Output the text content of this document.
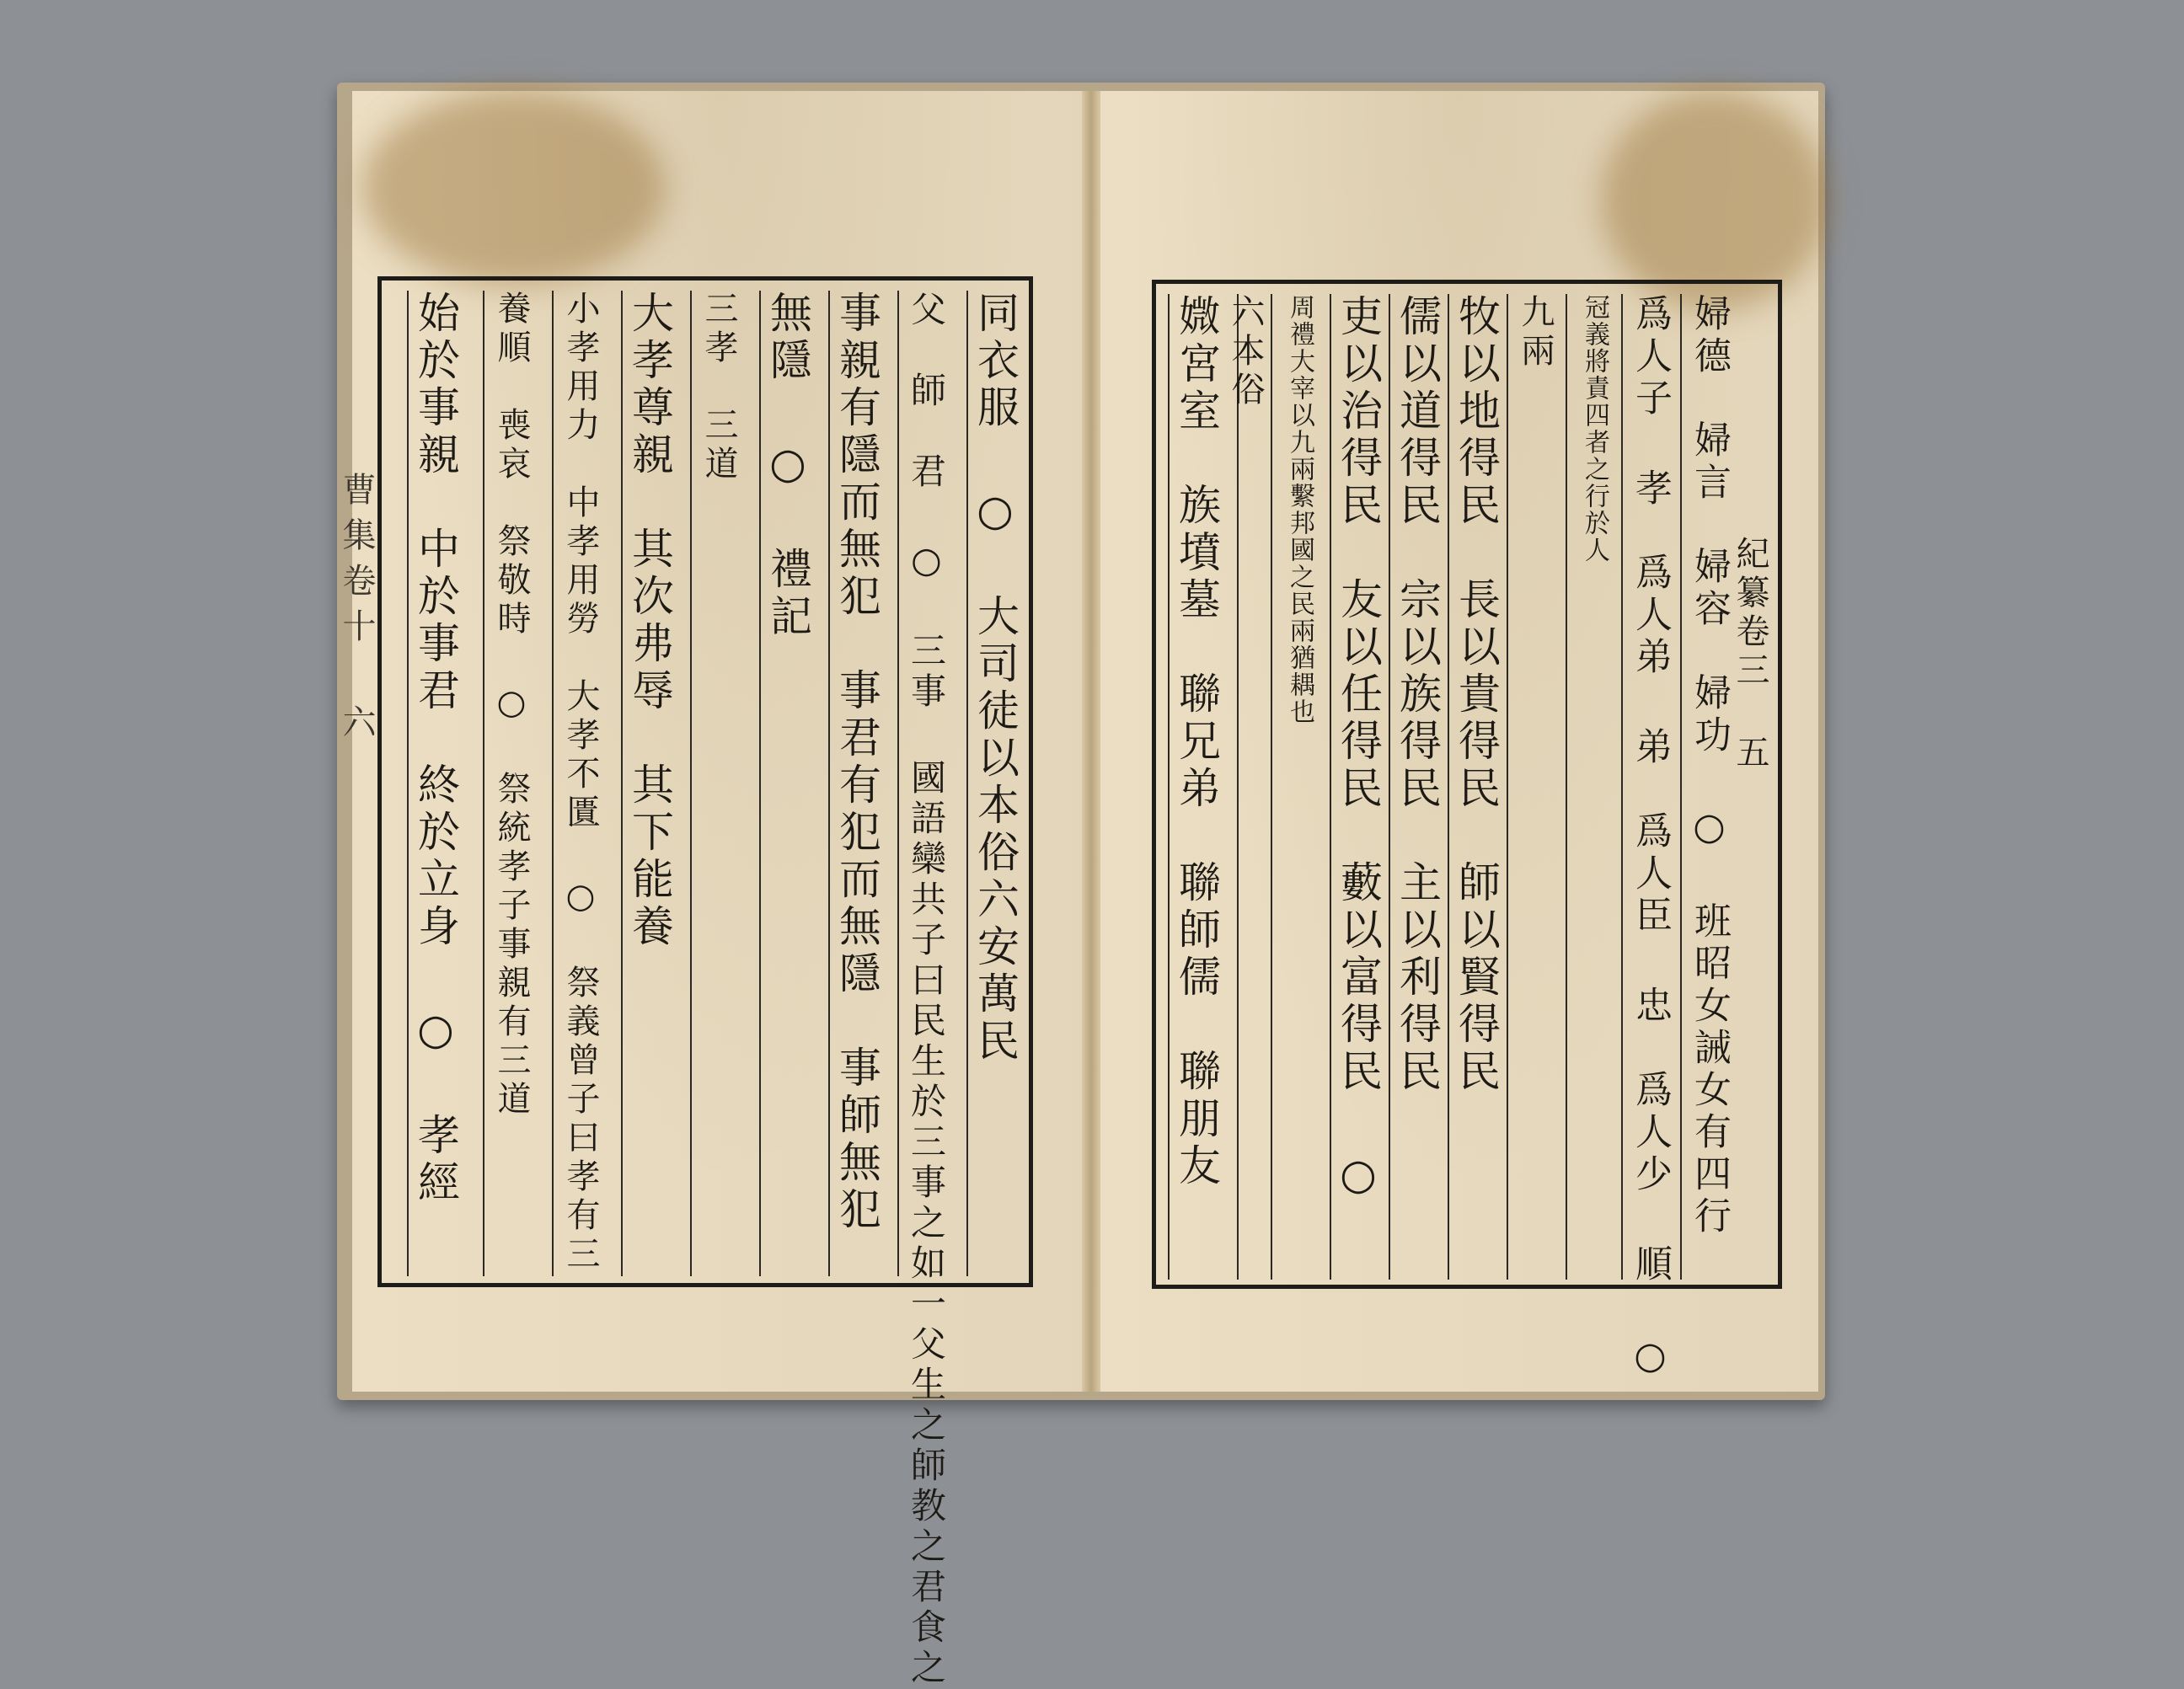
曹集卷十 六	同衣服 ○ 大司徒以本俗六安萬民
父　師　君 ○ 三事 國語欒共子曰民生於三事之如一父生之師教之君食之
事親有隱而無犯　事君有犯而無隱　事師無犯
無隱 ○ 禮記
三孝　三道
大孝尊親　其次弗辱　其下能養
小孝用力　中孝用勞　大孝不匱 ○ 祭義曾子曰孝有三
養順　喪哀　祭敬時 ○ 祭統孝子事親有三道
始於事親　中於事君　終於立身 ○ 孝經	紀纂卷三 五
婦德　婦言　婦容　婦功 ○ 班昭女誡女有四行
爲人子 孝　爲人弟 弟　爲人臣 忠　爲人少 順 ○
冠義將責四者之行於人
九兩
牧以地得民　長以貴得民　師以賢得民
儒以道得民　宗以族得民　主以利得民
吏以治得民　友以任得民　藪以富得民 ○
周禮大宰以九兩繫邦國之民兩猶耦也
六本俗
媺宮室　族墳墓　聯兄弟　聯師儒　聯朋友
